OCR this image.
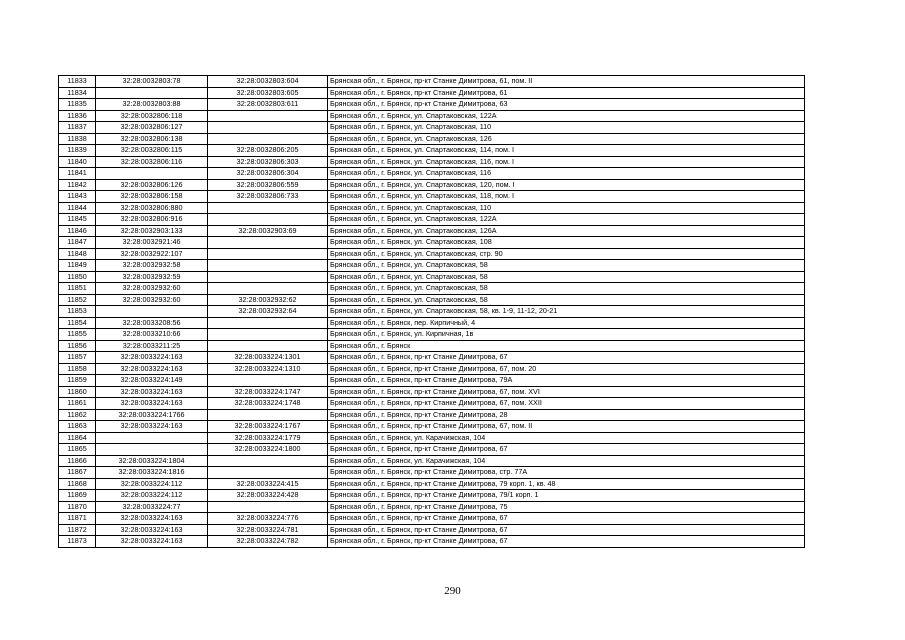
11833	32:28:0032803:78	32:28:0032803:604	Брянская обл., г. Брянск, пр-кт Станке Димитрова, 61, пом. II
11834		32:28:0032803:605	Брянская обл., г. Брянск, пр-кт Станке Димитрова, 61
11835	32:28:0032803:88	32:28:0032803:611	Брянская обл., г. Брянск, пр-кт Станке Димитрова, 63
11836	32:28:0032806:118		Брянская обл., г. Брянск, ул. Спартаковская, 122А
11837	32:28:0032806:127		Брянская обл., г. Брянск, ул. Спартаковская, 110
11838	32:28:0032806:138		Брянская обл., г. Брянск, ул. Спартаковская, 126
11839	32:28:0032806:115	32:28:0032806:205	Брянская обл., г. Брянск, ул. Спартаковская, 114, пом. I
11840	32:28:0032806:116	32:28:0032806:303	Брянская обл., г. Брянск, ул. Спартаковская, 116, пом. I
11841		32:28:0032806:304	Брянская обл., г. Брянск, ул. Спартаковская, 116
11842	32:28:0032806:126	32:28:0032806:559	Брянская обл., г. Брянск, ул. Спартаковская, 120, пом. I
11843	32:28:0032806:158	32:28:0032806:733	Брянская обл., г. Брянск, ул. Спартаковская, 118, пом. I
11844	32:28:0032806:880		Брянская обл., г. Брянск, ул. Спартаковская, 110
11845	32:28:0032806:916		Брянская обл., г. Брянск, ул. Спартаковская, 122А
11846	32:28:0032903:133	32:28:0032903:69	Брянская обл., г. Брянск, ул. Спартаковская, 126А
11847	32:28:0032921:46		Брянская обл., г. Брянск, ул. Спартаковская, 108
11848	32:28:0032922:107		Брянская обл., г. Брянск, ул. Спартаковская, стр. 90
11849	32:28:0032932:58		Брянская обл., г. Брянск, ул. Спартаковская, 58
11850	32:28:0032932:59		Брянская обл., г. Брянск, ул. Спартаковская, 58
11851	32:28:0032932:60		Брянская обл., г. Брянск, ул. Спартаковская, 58
11852	32:28:0032932:60	32:28:0032932:62	Брянская обл., г. Брянск, ул. Спартаковская, 58
11853		32:28:0032932:64	Брянская обл., г. Брянск, ул. Спартаковская, 58, кв. 1-9, 11-12, 20-21
11854	32:28:0033208:56		Брянская обл., г. Брянск, пер. Кирпичный, 4
11855	32:28:0033210:66		Брянская обл., г. Брянск, ул. Кирпичная, 1в
11856	32:28:0033211:25		Брянская обл., г. Брянск
11857	32:28:0033224:163	32:28:0033224:1301	Брянская обл., г. Брянск, пр-кт Станке Димитрова, 67
11858	32:28:0033224:163	32:28:0033224:1310	Брянская обл., г. Брянск, пр-кт Станке Димитрова, 67, пом. 20
11859	32:28:0033224:149		Брянская обл., г. Брянск, пр-кт Станке Димитрова, 79А
11860	32:28:0033224:163	32:28:0033224:1747	Брянская обл., г. Брянск, пр-кт Станке Димитрова, 67, пом. XVI
11861	32:28:0033224:163	32:28:0033224:1748	Брянская обл., г. Брянск, пр-кт Станке Димитрова, 67, пом. XXII
11862	32:28:0033224:1766		Брянская обл., г. Брянск, пр-кт Станке Димитрова, 28
11863	32:28:0033224:163	32:28:0033224:1767	Брянская обл., г. Брянск, пр-кт Станке Димитрова, 67, пом. II
11864		32:28:0033224:1779	Брянская обл., г. Брянск, ул. Карачижская, 104
11865		32:28:0033224:1800	Брянская обл., г. Брянск, пр-кт Станке Димитрова, 67
11866	32:28:0033224:1804		Брянская обл., г. Брянск, ул. Карачижская, 104
11867	32:28:0033224:1816		Брянская обл., г. Брянск, пр-кт Станке Димитрова, стр. 77А
11868	32:28:0033224:112	32:28:0033224:415	Брянская обл., г. Брянск, пр-кт Станке Димитрова, 79 корп. 1, кв. 48
11869	32:28:0033224:112	32:28:0033224:428	Брянская обл., г. Брянск, пр-кт Станке Димитрова, 79/1 корп. 1
11870	32:28:0033224:77		Брянская обл., г. Брянск, пр-кт Станке Димитрова, 75
11871	32:28:0033224:163	32:28:0033224:776	Брянская обл., г. Брянск, пр-кт Станке Димитрова, 67
11872	32:28:0033224:163	32:28:0033224:781	Брянская обл., г. Брянск, пр-кт Станке Димитрова, 67
11873	32:28:0033224:163	32:28:0033224:782	Брянская обл., г. Брянск, пр-кт Станке Димитрова, 67
290
